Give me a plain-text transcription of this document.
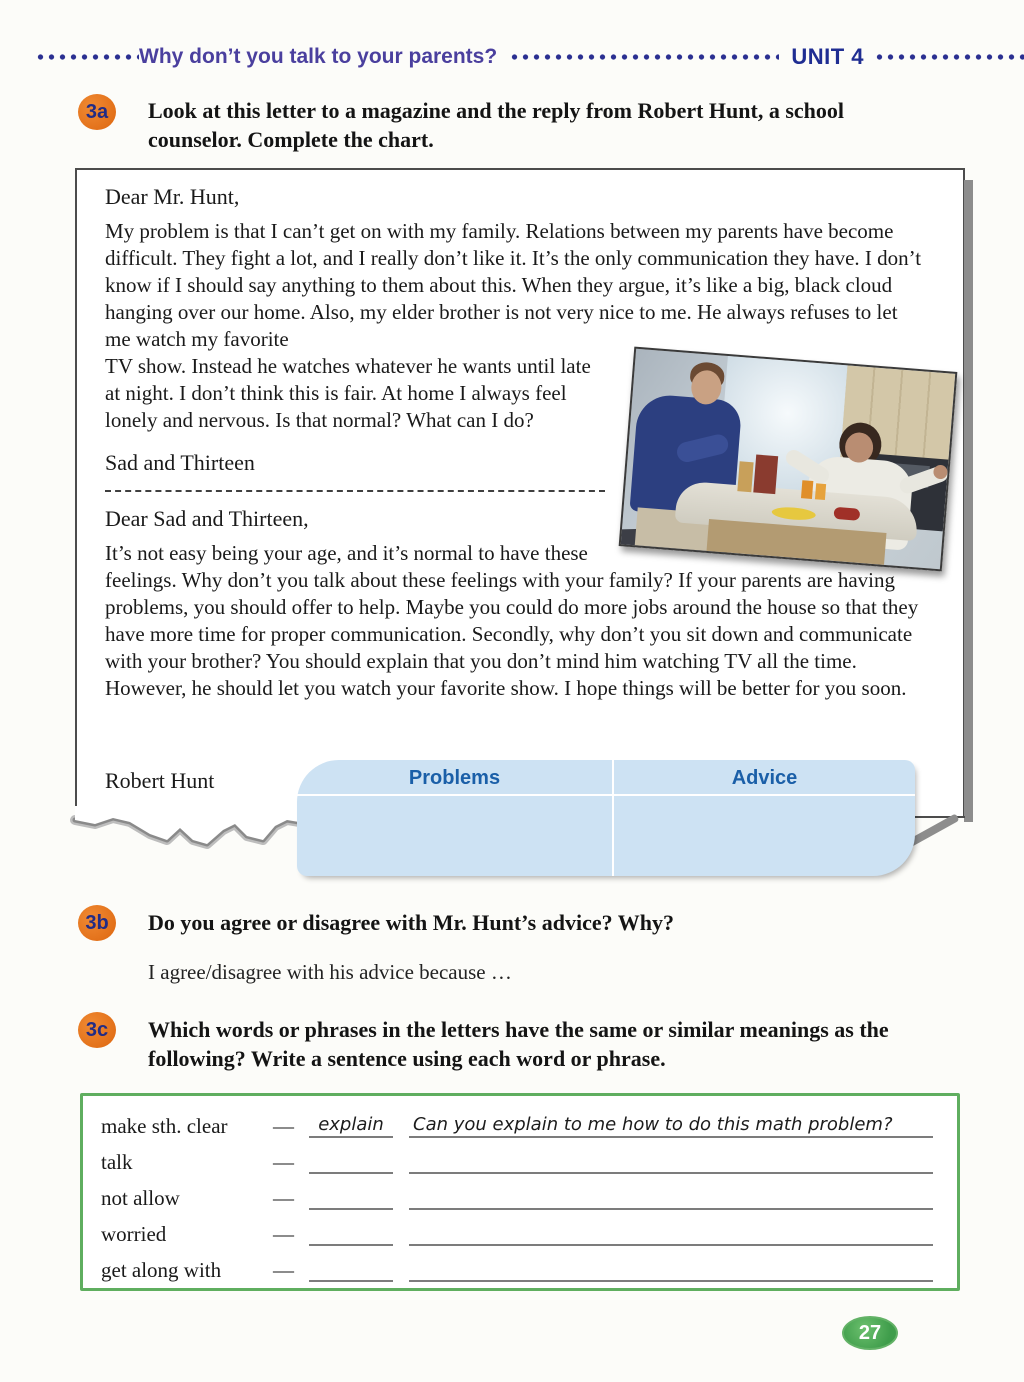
Why don’t you talk to your parents?	UNIT 4
3a	Look at this letter to a magazine and the reply from Robert Hunt, a school counselor. Complete the chart.
Dear Mr. Hunt,

My problem is that I can’t get on with my family. Relations between my parents have become difficult. They fight a lot, and I really don’t like it. It’s the only communication they have. I don’t know if I should say anything to them about this. When they argue, it’s like a big, black cloud hanging over our home. Also, my elder brother is not very nice to me. He always refuses to let me watch my favorite

TV show. Instead he watches whatever he wants until late at night. I don’t think this is fair. At home I always feel lonely and nervous. Is that normal? What can I do?

Sad and Thirteen
Dear Sad and Thirteen,

It’s not easy being your age, and it’s normal to have these feelings. Why don’t you talk about these feelings with your family? If your parents are having problems, you should offer to help. Maybe you could do more jobs around the house so that they have more time for proper communication. Secondly, why don’t you sit down and communicate with your brother? You should explain that you don’t mind him watching TV all the time. However, he should let you watch your favorite show. I hope things will be better for you soon.

Robert Hunt	Problems	Advice
3b	Do you agree or disagree with Mr. Hunt’s advice? Why?
I agree/disagree with his advice because …
3c	Which words or phrases in the letters have the same or similar meanings as the following? Write a sentence using each word or phrase.
make sth. clear	—	explain	Can you explain to me how to do this math problem?
talk	—
not allow	—
worried	—
get along with	—
27
